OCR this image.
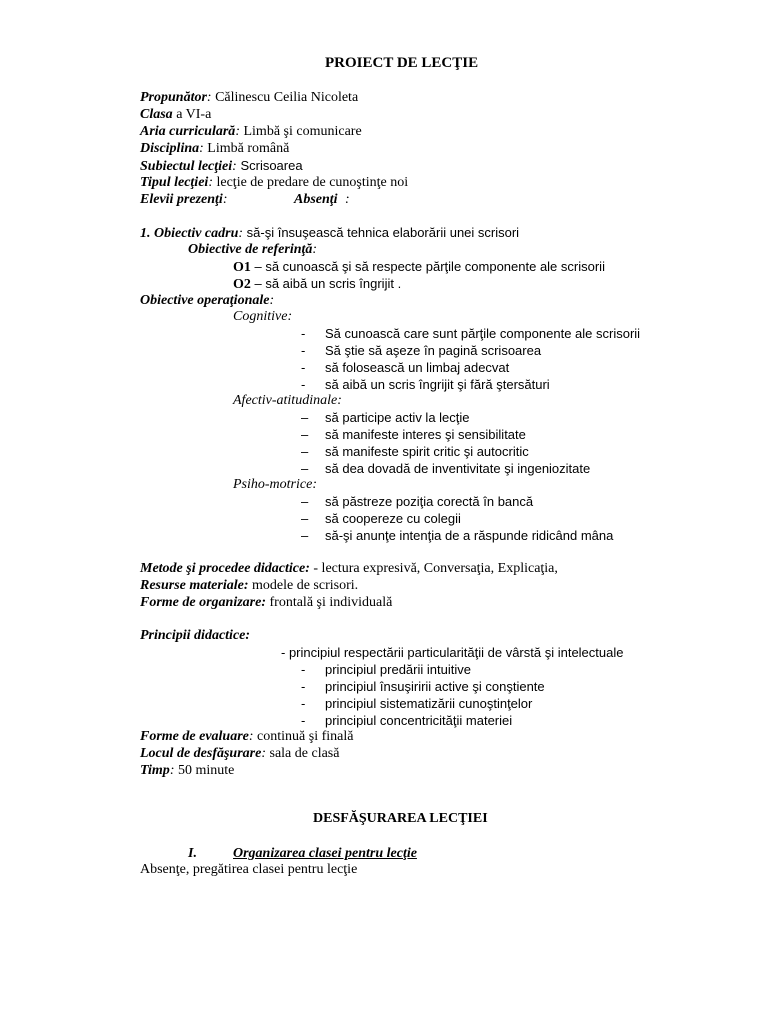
PROIECT DE LECŢIE
Propunător: Călinescu Ceilia Nicoleta
Clasa a VI-a
Aria curriculară: Limbă şi comunicare
Disciplina: Limbă română
Subiectul lecţiei: Scrisoarea
Tipul lecţiei: lecţie de predare de cunoştinţe noi
Elevii prezenţi:	Absenţi :
1. Obiectiv cadru: să-şi însuşească tehnica elaborării unei scrisori
Obiective de referinţă:
O1 – să cunoască şi să respecte părţile componente ale scrisorii
O2 – să aibă un scris îngrijit .
Obiective operaţionale:
Cognitive:
- Să cunoască care sunt părţile componente ale scrisorii
- Să ştie să aşeze în pagină scrisoarea
- să folosească un limbaj adecvat
- să aibă un scris îngrijit şi fără ştersături
Afectiv-atitudinale:
– să participe activ la lecţie
– să manifeste interes şi sensibilitate
– să manifeste spirit critic şi autocritic
– să dea dovadă de inventivitate şi ingeniozitate
Psiho-motrice:
– să păstreze poziţia corectă în bancă
– să coopereze cu colegii
– să-şi anunţe intenţia de a răspunde ridicând mâna
Metode şi procedee didactice: - lectura expresivă, Conversaţia, Explicaţia,
Resurse materiale: modele de scrisori.
Forme de organizare: frontală şi individuală
Principii didactice:
- principiul respectării particularităţii de vârstă şi intelectuale
- principiul predării intuitive
- principiul însuşiririi active şi conştiente
- principiul sistematizării cunoştinţelor
- principiul concentricităţii materiei
Forme de evaluare: continuă şi finală
Locul de desfăşurare: sala de clasă
Timp: 50 minute
DESFĂŞURAREA LECŢIEI
I.	Organizarea clasei pentru lecţie
Absenţe, pregătirea clasei pentru lecţie
